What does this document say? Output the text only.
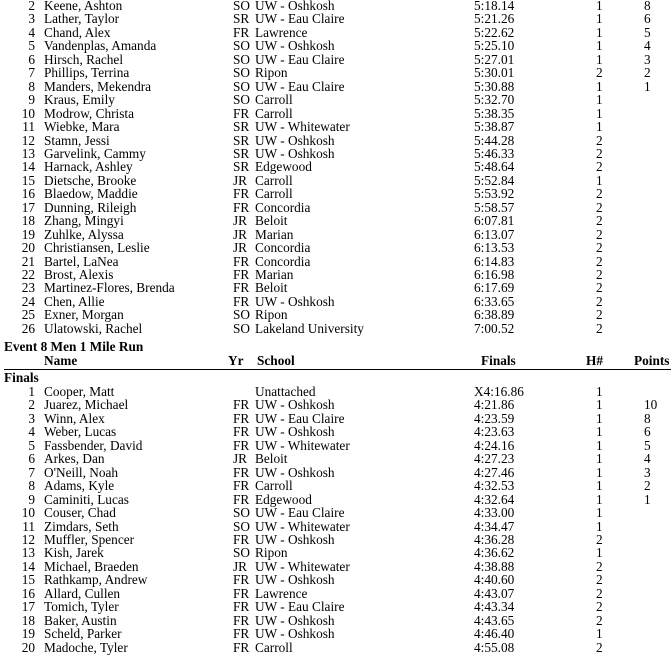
2 Keene, Ashton	SO UW - Oshkosh	5:18.14	1	8
3 Lather, Taylor	SR UW - Eau Claire	5:21.26	1	6
4 Chand, Alex	FR Lawrence	5:22.62	1	5
5 Vandenplas, Amanda	SO UW - Oshkosh	5:25.10	1	4
6 Hirsch, Rachel	SO UW - Eau Claire	5:27.01	1	3
7 Phillips, Terrina	SO Ripon	5:30.01	2	2
8 Manders, Mekendra	SO UW - Eau Claire	5:30.88	1	1
9 Kraus, Emily	SO Carroll	5:32.70	1
10 Modrow, Christa	FR Carroll	5:38.35	1
11 Wiebke, Mara	SR UW - Whitewater	5:38.87	1
12 Stamn, Jessi	SR UW - Oshkosh	5:44.28	2
13 Garvelink, Cammy	SR UW - Oshkosh	5:46.33	2
14 Harnack, Ashley	SR Edgewood	5:48.64	2
15 Dietsche, Brooke	JR Carroll	5:52.84	1
16 Blaedow, Maddie	FR Carroll	5:53.92	2
17 Dunning, Rileigh	FR Concordia	5:58.57	2
18 Zhang, Mingyi	JR Beloit	6:07.81	2
19 Zuhlke, Alyssa	JR Marian	6:13.07	2
20 Christiansen, Leslie	JR Concordia	6:13.53	2
21 Bartel, LaNea	FR Concordia	6:14.83	2
22 Brost, Alexis	FR Marian	6:16.98	2
23 Martinez-Flores, Brenda	FR Beloit	6:17.69	2
24 Chen, Allie	FR UW - Oshkosh	6:33.65	2
25 Exner, Morgan	SO Ripon	6:38.89	2
26 Ulatowski, Rachel	SO Lakeland University	7:00.52	2
Event 8 Men 1 Mile Run
Name	Yr School	Finals	H# Points
Finals
1 Cooper, Matt	Unattached	X4:16.86	1
2 Juarez, Michael	FR UW - Oshkosh	4:21.86	1	10
3 Winn, Alex	FR UW - Eau Claire	4:23.59	1	8
4 Weber, Lucas	FR UW - Oshkosh	4:23.63	1	6
5 Fassbender, David	FR UW - Whitewater	4:24.16	1	5
6 Arkes, Dan	JR Beloit	4:27.23	1	4
7 O'Neill, Noah	FR UW - Oshkosh	4:27.46	1	3
8 Adams, Kyle	FR Carroll	4:32.53	1	2
9 Caminiti, Lucas	FR Edgewood	4:32.64	1	1
10 Couser, Chad	SO UW - Eau Claire	4:33.00	1
11 Zimdars, Seth	SO UW - Whitewater	4:34.47	1
12 Muffler, Spencer	FR UW - Oshkosh	4:36.28	2
13 Kish, Jarek	SO Ripon	4:36.62	1
14 Michael, Braeden	JR UW - Whitewater	4:38.88	2
15 Rathkamp, Andrew	FR UW - Oshkosh	4:40.60	2
16 Allard, Cullen	FR Lawrence	4:43.07	2
17 Tomich, Tyler	FR UW - Eau Claire	4:43.34	2
18 Baker, Austin	FR UW - Oshkosh	4:43.65	2
19 Scheld, Parker	FR UW - Oshkosh	4:46.40	1
20 Madoche, Tyler	FR Carroll	4:55.08	2
